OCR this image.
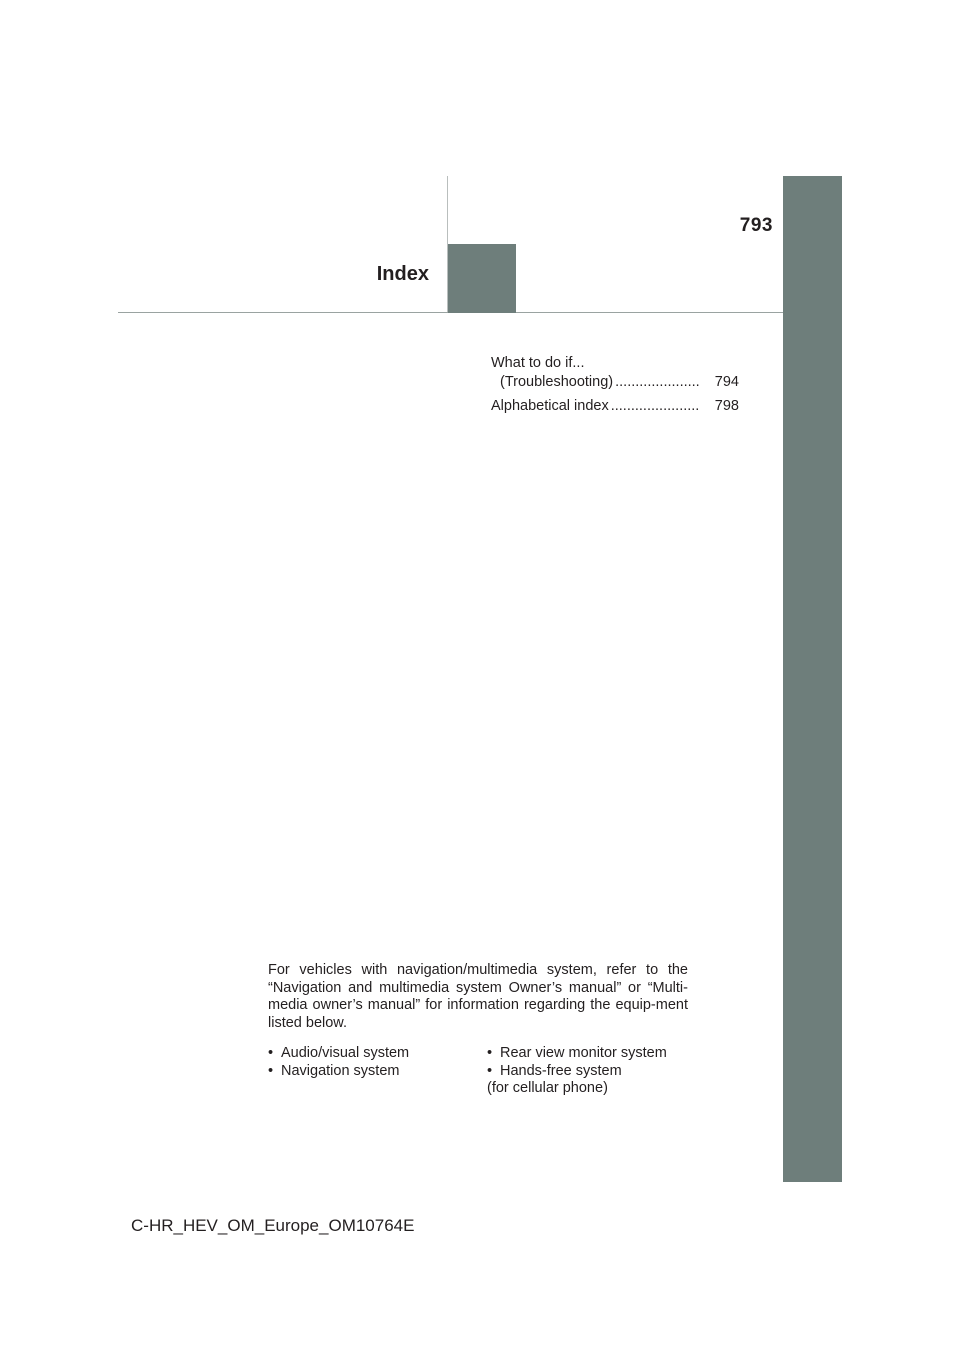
793
Index
What to do if...
(Troubleshooting) .....................	794
Alphabetical index ......................	798
For vehicles with navigation/multimedia system, refer to the “Navigation and multimedia system Owner’s manual” or “Multi-media owner’s manual” for information regarding the equip-ment listed below.
• Audio/visual system
• Navigation system
• Rear view monitor system
• Hands-free system
(for cellular phone)
C-HR_HEV_OM_Europe_OM10764E
